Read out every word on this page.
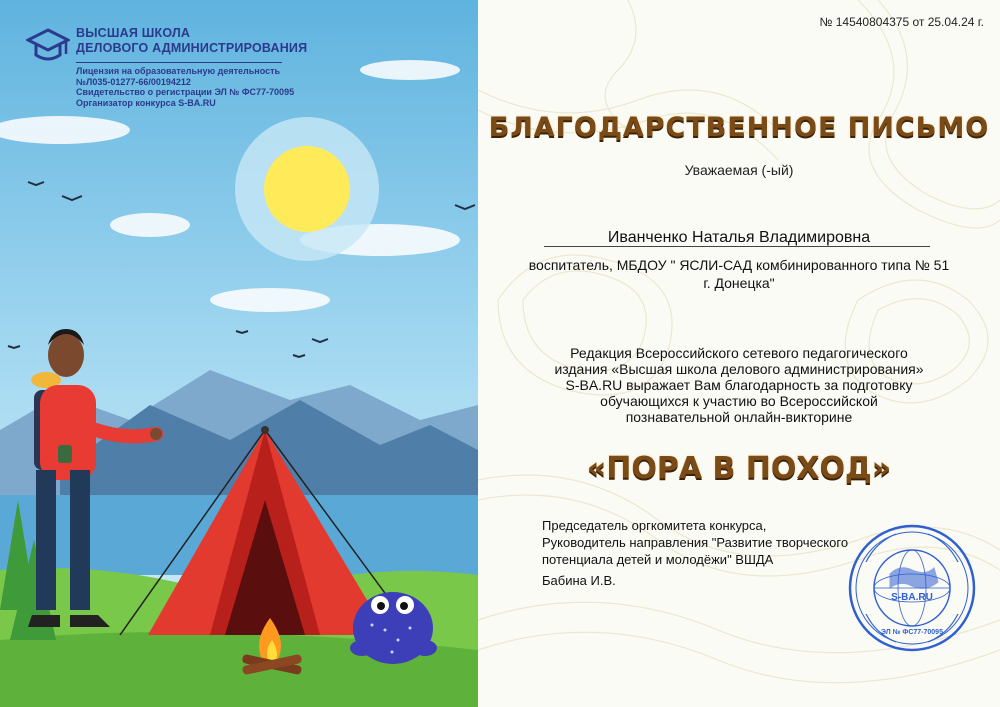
ВЫСШАЯ ШКОЛА
ДЕЛОВОГО АДМИНИСТРИРОВАНИЯ
Лицензия на образовательную деятельность
№Л035-01277-66/00194212
Свидетельство о регистрации ЭЛ № ФС77-70095
Организатор конкурса S-BA.RU
№ 14540804375 от 25.04.24 г.
БЛАГОДАРСТВЕННОЕ ПИСЬМО
Уважаемая (-ый)
Иванченко Наталья Владимировна
воспитатель, МБДОУ " ЯСЛИ-САД комбинированного типа № 51
г. Донецка"
Редакция Всероссийского сетевого педагогического
издания «Высшая школа делового администрирования»
S-BA.RU выражает Вам благодарность за подготовку
обучающихся к участию во Всероссийской
познавательной онлайн-викторине
«ПОРА В ПОХОД»
Председатель оргкомитета конкурса,
Руководитель направления "Развитие творческого
потенциала детей и молодёжи" ВШДА
Бабина И.В.
S-BA.RU
ЭЛ № ФС77-70095
